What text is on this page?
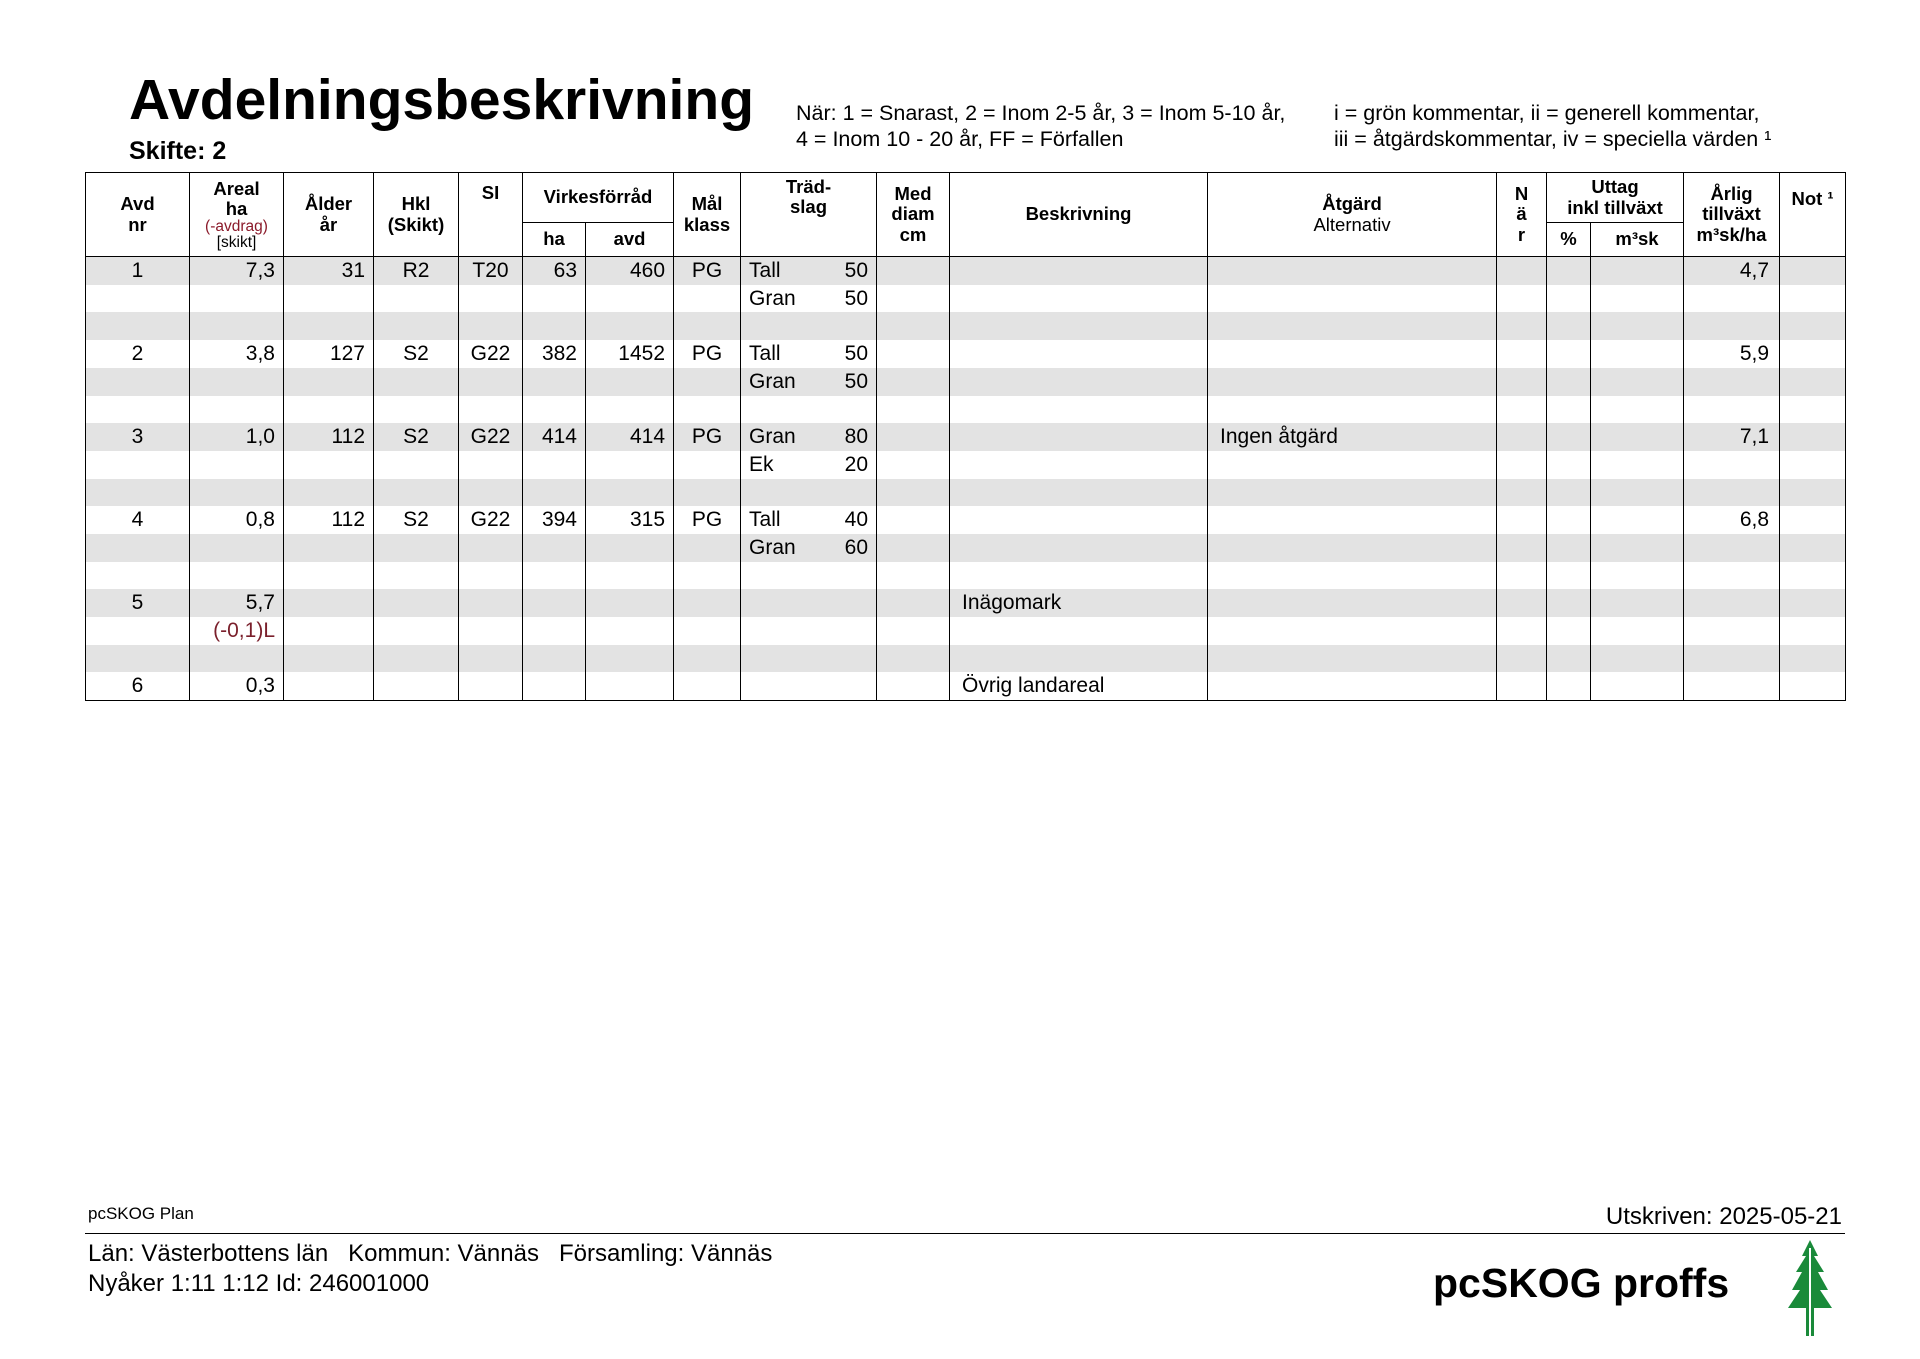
Avdelningsbeskrivning
Skifte: 2
När: 1 = Snarast, 2 = Inom 2-5 år, 3 = Inom 5-10 år,
4 = Inom 10 - 20 år, FF = Förfallen
i = grön kommentar, ii = generell kommentar,
iii = åtgärdskommentar, iv = speciella värden ¹
Avd
nr	Areal
ha
(-avdrag)
[skikt]	Ålder
år	Hkl
(Skikt)	SI	Virkesförråd		Mål
klass	Träd-
slag	Med
diam
cm	Beskrivning	Åtgärd
Alternativ	N
ä
r	Uttag
inkl tillväxt		Årlig
tillväxt
m³sk/ha	Not ¹
					ha	avd							%	m³sk		
1	7,3	31	R2	T20	63	460	PG	Tall 50							4,7	

								Gran 50								

2	3,8	127	S2	G22	382	1452	PG	Tall 50							5,9	

								Gran 50								

3	1,0	112	S2	G22	414	414	PG	Gran 80			Ingen åtgärd				7,1	

								Ek 20								

4	0,8	112	S2	G22	394	315	PG	Tall 40							6,8	

								Gran 60								

5	5,7									Inägomark						
	(-0,1)L							

6	0,3									Övrig landareal						
pcSKOG Plan	Utskriven: 2025-05-21
Län: Västerbottens län   Kommun: Vännäs   Församling: Vännäs
Nyåker 1:11 1:12 Id: 246001000	pcSKOG proffs
